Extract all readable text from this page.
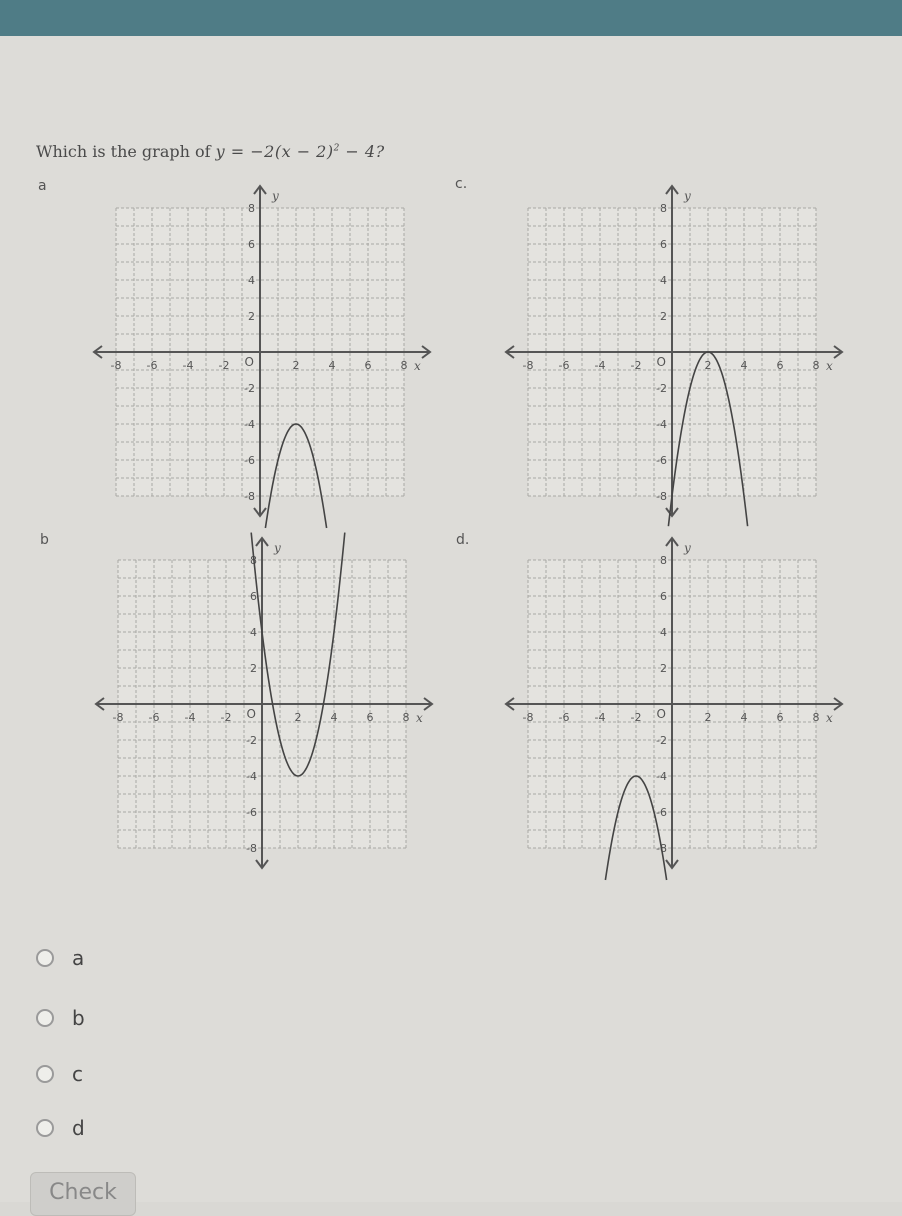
Which is the graph of $y = -2(x - 2)^2 - 4$?
a
b
c.
d.
-8 -6 -4 -2	2	4	6	8
8
6
4
2
-2
-4
-6
-8
O	x
y
-8 -6 -4 -2	2	4	6	8
8
6
4
2
-2
-4
-6
-8
O	x
y
-8 -6 -4 -2	2	4	6	8
8
6
4
2
-2
-4
-6
-8
O	x
y
-8 -6 -4 -2	2	4	6	8
8
6
4
2
-2
-4
-6
-8
O	x
y
a
b
c
d
Check
